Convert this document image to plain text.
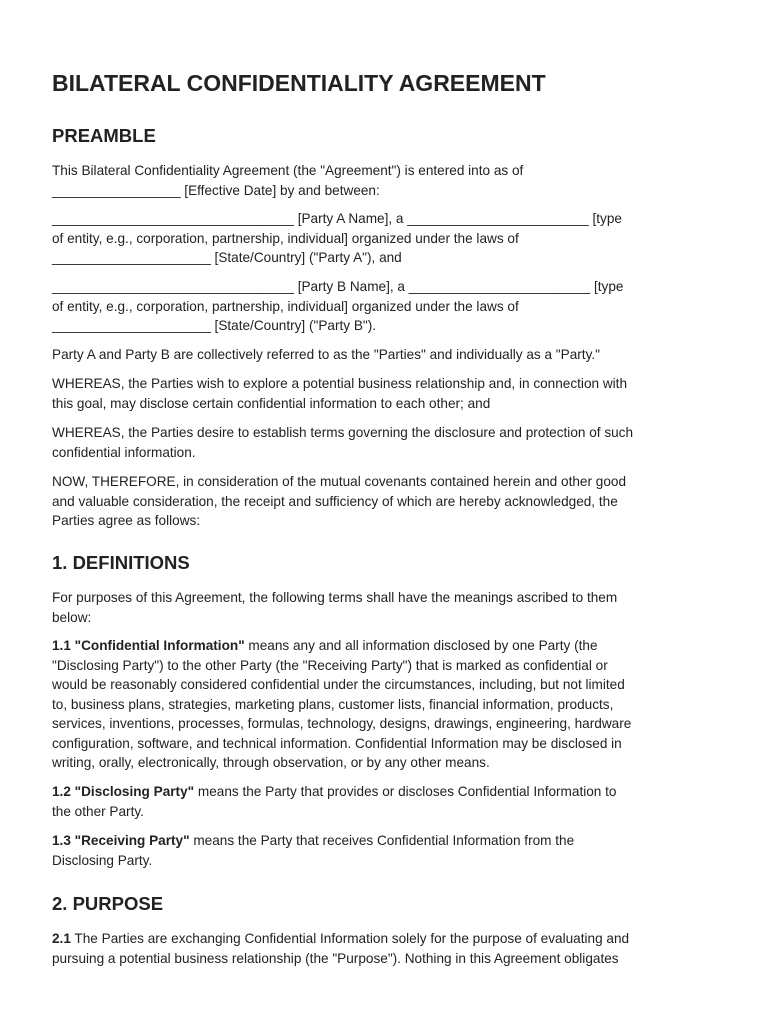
BILATERAL CONFIDENTIALITY AGREEMENT
PREAMBLE

This Bilateral Confidentiality Agreement (the "Agreement") is entered into as of
_________________ [Effective Date] by and between:

________________________________ [Party A Name], a ________________________ [type
of entity, e.g., corporation, partnership, individual] organized under the laws of
_____________________ [State/Country] ("Party A"), and

________________________________ [Party B Name], a ________________________ [type
of entity, e.g., corporation, partnership, individual] organized under the laws of
_____________________ [State/Country] ("Party B").

Party A and Party B are collectively referred to as the "Parties" and individually as a "Party."

WHEREAS, the Parties wish to explore a potential business relationship and, in connection with
this goal, may disclose certain confidential information to each other; and

WHEREAS, the Parties desire to establish terms governing the disclosure and protection of such
confidential information.

NOW, THEREFORE, in consideration of the mutual covenants contained herein and other good
and valuable consideration, the receipt and sufficiency of which are hereby acknowledged, the
Parties agree as follows:

1. DEFINITIONS

For purposes of this Agreement, the following terms shall have the meanings ascribed to them
below:

1.1 "Confidential Information" means any and all information disclosed by one Party (the
"Disclosing Party") to the other Party (the "Receiving Party") that is marked as confidential or
would be reasonably considered confidential under the circumstances, including, but not limited
to, business plans, strategies, marketing plans, customer lists, financial information, products,
services, inventions, processes, formulas, technology, designs, drawings, engineering, hardware
configuration, software, and technical information. Confidential Information may be disclosed in
writing, orally, electronically, through observation, or by any other means.

1.2 "Disclosing Party" means the Party that provides or discloses Confidential Information to
the other Party.

1.3 "Receiving Party" means the Party that receives Confidential Information from the
Disclosing Party.

2. PURPOSE

2.1 The Parties are exchanging Confidential Information solely for the purpose of evaluating and
pursuing a potential business relationship (the "Purpose"). Nothing in this Agreement obligates
